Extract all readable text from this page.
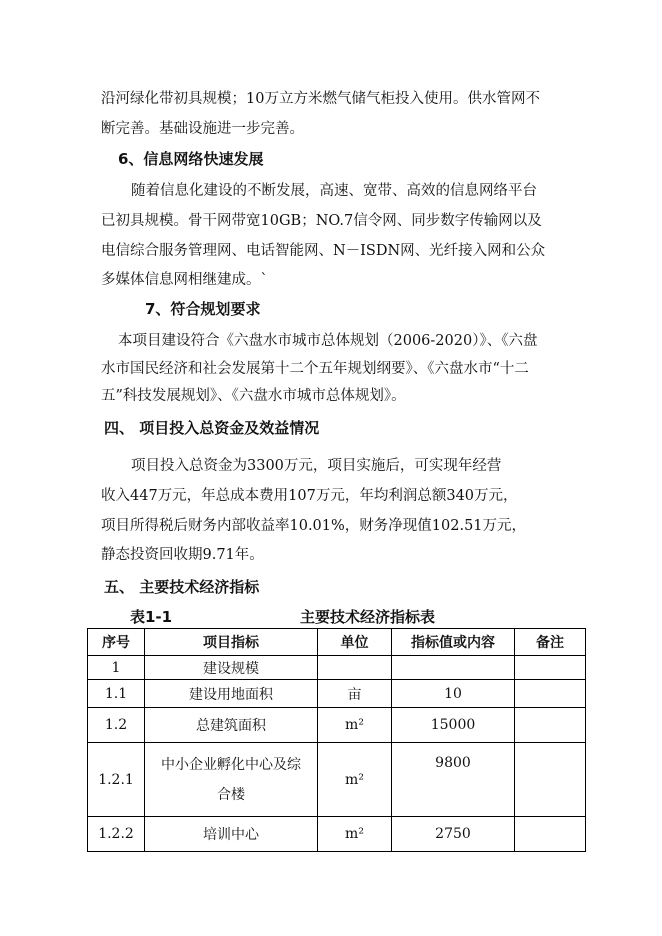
沿河绿化带初具规模；10万立方米燃气储气柜投入使用。供水管网不
断完善。基础设施进一步完善。
6、信息网络快速发展
随着信息化建设的不断发展，高速、宽带、高效的信息网络平台
已初具规模。骨干网带宽10GB；NO.7信令网、同步数字传输网以及
电信综合服务管理网、电话智能网、N－ISDN网、光纤接入网和公众
多媒体信息网相继建成。`
7、符合规划要求
本项目建设符合《六盘水市城市总体规划（2006-2020）》、《六盘
水市国民经济和社会发展第十二个五年规划纲要》、《六盘水市“十二
五”科技发展规划》、《六盘水市城市总体规划》。
四、 项目投入总资金及效益情况
项目投入总资金为3300万元，项目实施后，可实现年经营
收入447万元，年总成本费用107万元，年均利润总额340万元，
项目所得税后财务内部收益率10.01%，财务净现值102.51万元，
静态投资回收期9.71年。
五、 主要技术经济指标
表1-1	主要技术经济指标表
序号	项目指标	单位	指标值或内容	备注
1	建设规模			
1.1	建设用地面积	亩	10	
1.2	总建筑面积	m²	15000	
1.2.1	中小企业孵化中心及综合楼	m²	9800	
1.2.2	培训中心	m²	2750	
